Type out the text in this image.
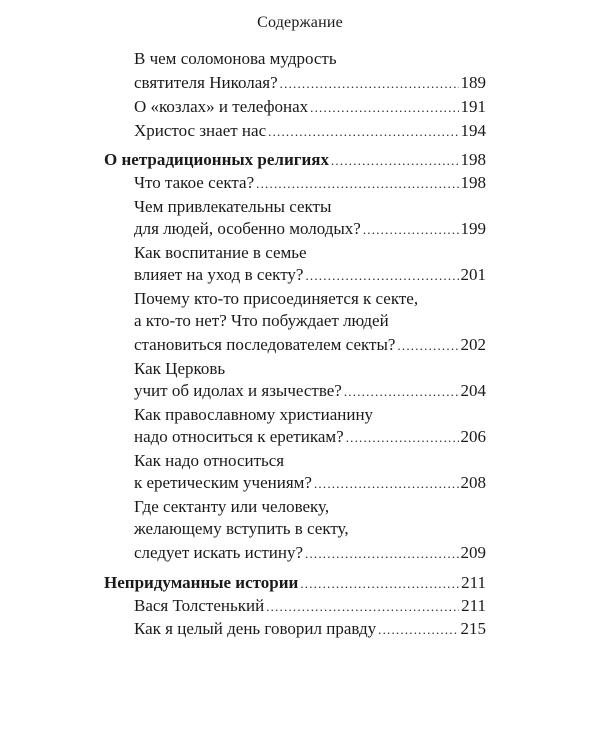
Содержание
В чем соломонова мудрость
святителя Николая? .....	189
О «козлах» и телефонах .....	191
Христос знает нас .....	194
О нетрадиционных религиях .....	198
Что такое секта? .....	198
Чем привлекательны секты
для людей, особенно молодых? .....	199
Как воспитание в семье
влияет на уход в секту? .....	201
Почему кто-то присоединяется к секте,
а кто-то нет? Что побуждает людей
становиться последователем секты? .....	202
Как Церковь
учит об идолах и язычестве? .....	204
Как православному христианину
надо относиться к еретикам? .....	206
Как надо относиться
к еретическим учениям? .....	208
Где сектанту или человеку,
желающему вступить в секту,
следует искать истину? .....	209
Непридуманные истории .....	211
Вася Толстенький .....	211
Как я целый день говорил правду .....	215
